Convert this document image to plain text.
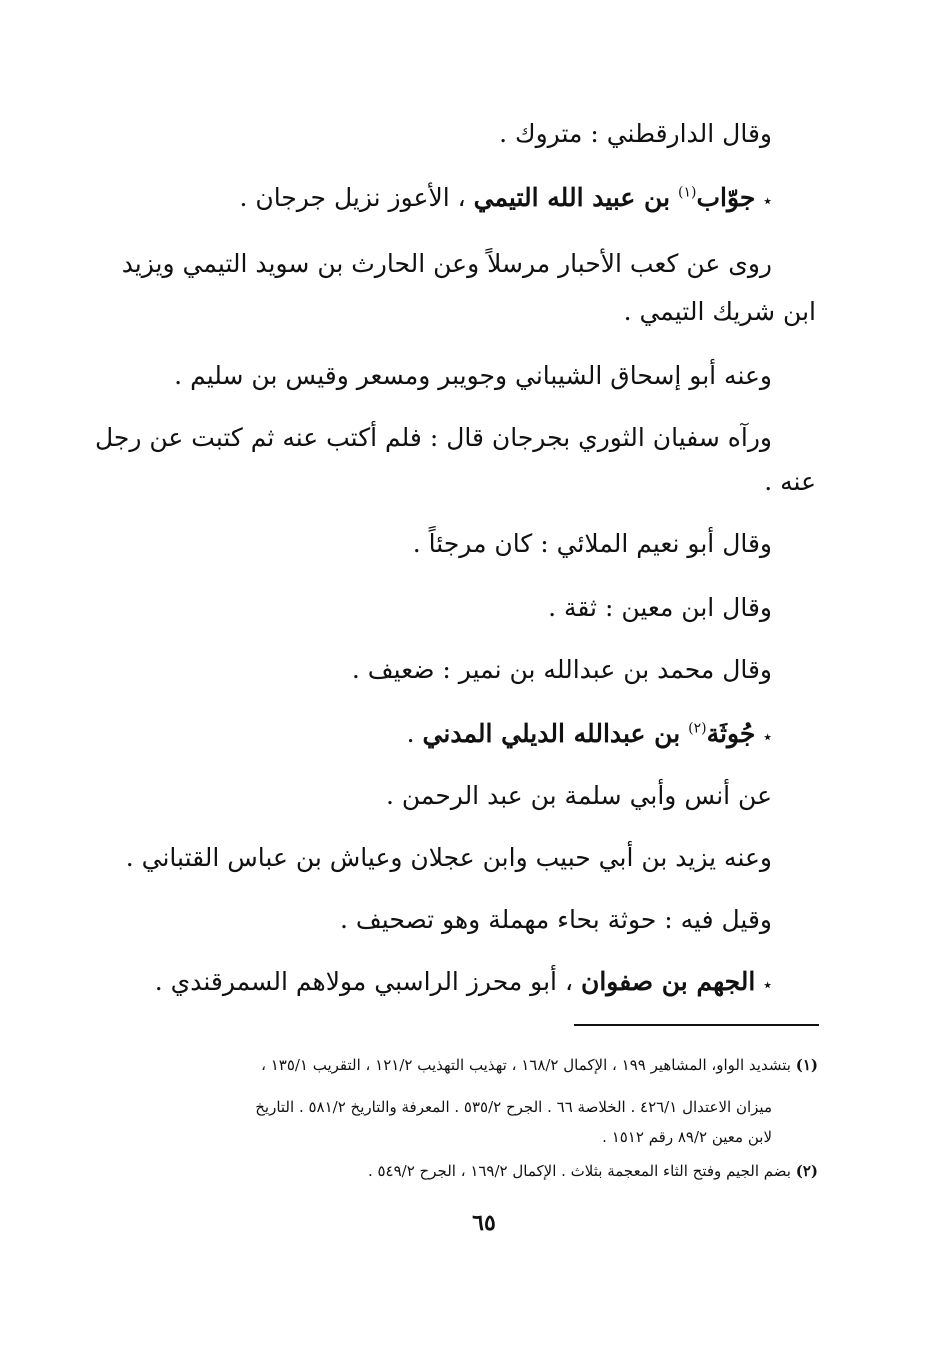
وقال الدارقطني : متروك .
٭ جوّاب$^{(١)}$ بن عبيد الله التيمي ، الأعوز نزيل جرجان .
روى عن كعب الأحبار مرسلاً وعن الحارث بن سويد التيمي ويزيد
ابن شريك التيمي .
وعنه أبو إسحاق الشيباني وجويبر ومسعر وقيس بن سليم .
ورآه سفيان الثوري بجرجان قال : فلم أكتب عنه ثم كتبت عن رجل
عنه .
وقال أبو نعيم الملائي : كان مرجئاً .
وقال ابن معين : ثقة .
وقال محمد بن عبدالله بن نمير : ضعيف .
٭ جُوثَة$^{(٢)}$ بن عبدالله الديلي المدني .
عن أنس وأبي سلمة بن عبد الرحمن .
وعنه يزيد بن أبي حبيب وابن عجلان وعياش بن عباس القتباني .
وقيل فيه : حوثة بحاء مهملة وهو تصحيف .
٭ الجهم بن صفوان ، أبو محرز الراسبي مولاهم السمرقندي .
(١) بتشديد الواو، المشاهير ١٩٩ ، الإكمال ١٦٨/٢ ، تهذيب التهذيب ١٢١/٢ ، التقريب ١٣٥/١ ،
ميزان الاعتدال ٤٢٦/١ . الخلاصة ٦٦ . الجرح ٥٣٥/٢ . المعرفة والتاريخ ٥٨١/٢ . التاريخ
لابن معين ٨٩/٢ رقم ١٥١٢ .
(٢) بضم الجيم وفتح الثاء المعجمة بثلاث . الإكمال ١٦٩/٢ ، الجرح ٥٤٩/٢ .
٦٥
